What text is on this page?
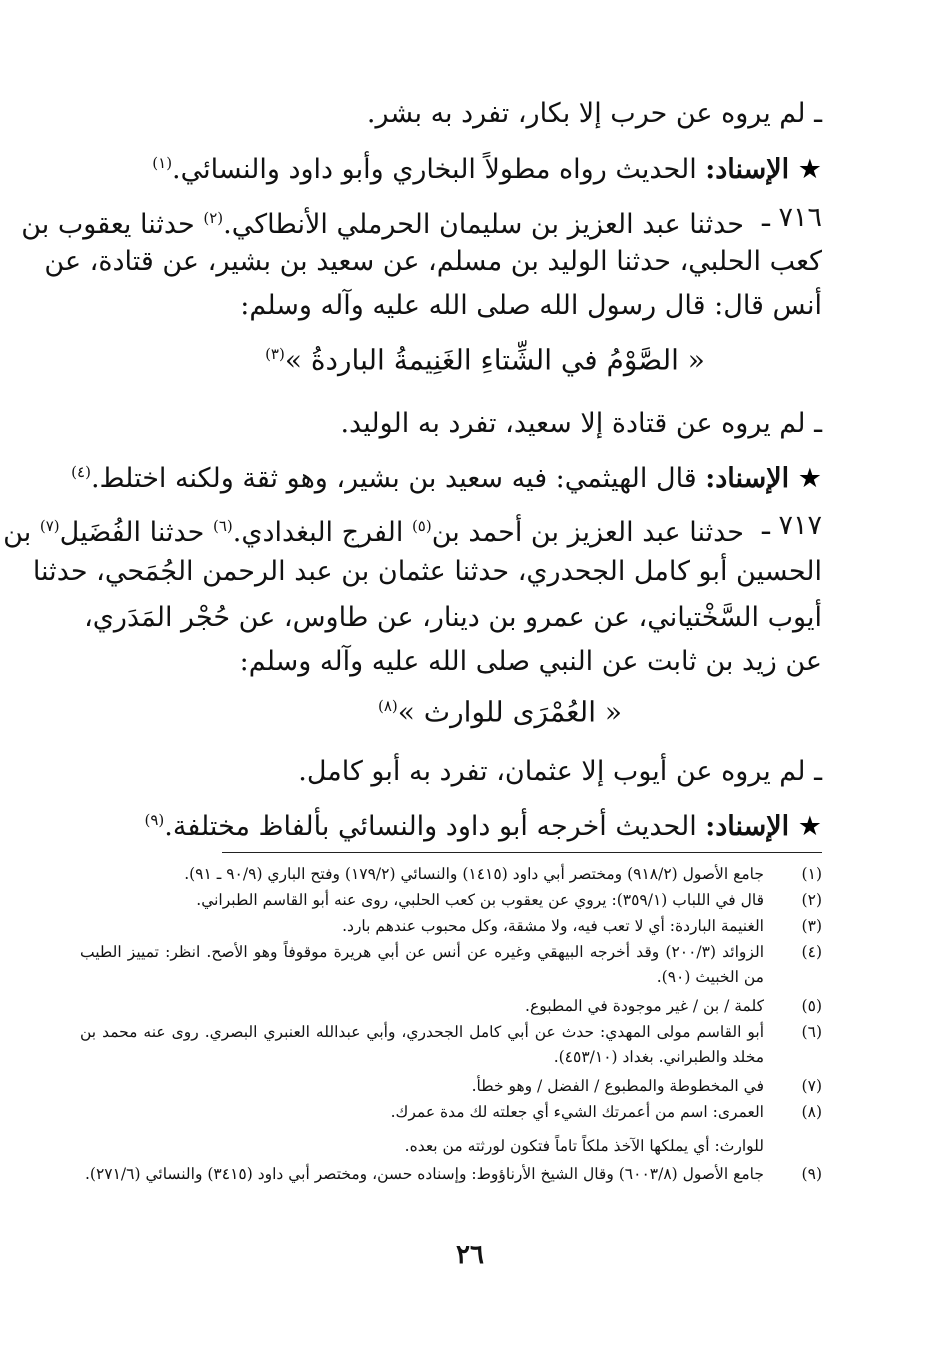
ـ لم يروه عن حرب إلا بكار، تفرد به بشر.
★ الإسناد: الحديث رواه مطولاً البخاري وأبو داود والنسائي.$^{(١)}$
٧١٦ ـ
حدثنا عبد العزيز بن سليمان الحرملي الأنطاكي.$^{(٢)}$ حدثنا يعقوب بن
كعب الحلبي، حدثنا الوليد بن مسلم، عن سعيد بن بشير، عن قتادة، عن
أنس قال: قال رسول الله صلى الله عليه وآله وسلم:
« الصَّوْمُ في الشِّتاءِ الغَنِيمةُ الباردةُ »$^{(٣)}$
ـ لم يروه عن قتادة إلا سعيد، تفرد به الوليد.
★ الإسناد: قال الهيثمي: فيه سعيد بن بشير، وهو ثقة ولكنه اختلط.$^{(٤)}$
٧١٧ ـ
حدثنا عبد العزيز بن أحمد بن$^{(٥)}$ الفرج البغدادي.$^{(٦)}$ حدثنا الفُضَيل$^{(٧)}$ بن
الحسين أبو كامل الجحدري، حدثنا عثمان بن عبد الرحمن الجُمَحي، حدثنا
أيوب السَّخْتياني، عن عمرو بن دينار، عن طاوس، عن حُجْر المَدَري،
عن زيد بن ثابت عن النبي صلى الله عليه وآله وسلم:
« العُمْرَى للوارث »$^{(٨)}$
ـ لم يروه عن أيوب إلا عثمان، تفرد به أبو كامل.
★ الإسناد: الحديث أخرجه أبو داود والنسائي بألفاظ مختلفة.$^{(٩)}$
(١)
جامع الأصول (٩١٨/٢) ومختصر أبي داود (١٤١٥) والنسائي (١٧٩/٢) وفتح الباري (٩٠/٩ ـ ٩١).
(٢)
قال في اللباب (٣٥٩/١): يروي عن يعقوب بن كعب الحلبي، روى عنه أبو القاسم الطبراني.
(٣)
الغنيمة الباردة: أي لا تعب فيه، ولا مشقة، وكل محبوب عندهم بارد.
(٤)
الزوائد (٢٠٠/٣) وقد أخرجه البيهقي وغيره عن أنس عن أبي هريرة موقوفاً وهو الأصح. انظر: تمييز الطيب من الخبيث (٩٠).
(٥)
كلمة / بن / غير موجودة في المطبوع.
(٦)
أبو القاسم مولى المهدي: حدث عن أبي كامل الجحدري، وأبي عبدالله العنبري البصري. روى عنه محمد بن مخلد والطبراني. بغداد (٤٥٣/١٠).
(٧)
في المخطوطة والمطبوع / الفضل / وهو خطأ.
(٨)
العمرى: اسم من أعمرتك الشيء أي جعلته لك مدة عمرك.
للوارث: أي يملكها الآخذ ملكاً تاماً فتكون لورثته من بعده.
(٩)
جامع الأصول (٦٠٠٣/٨) وقال الشيخ الأرناؤوط: وإسناده حسن، ومختصر أبي داود (٣٤١٥) والنسائي (٢٧١/٦).
٢٦
